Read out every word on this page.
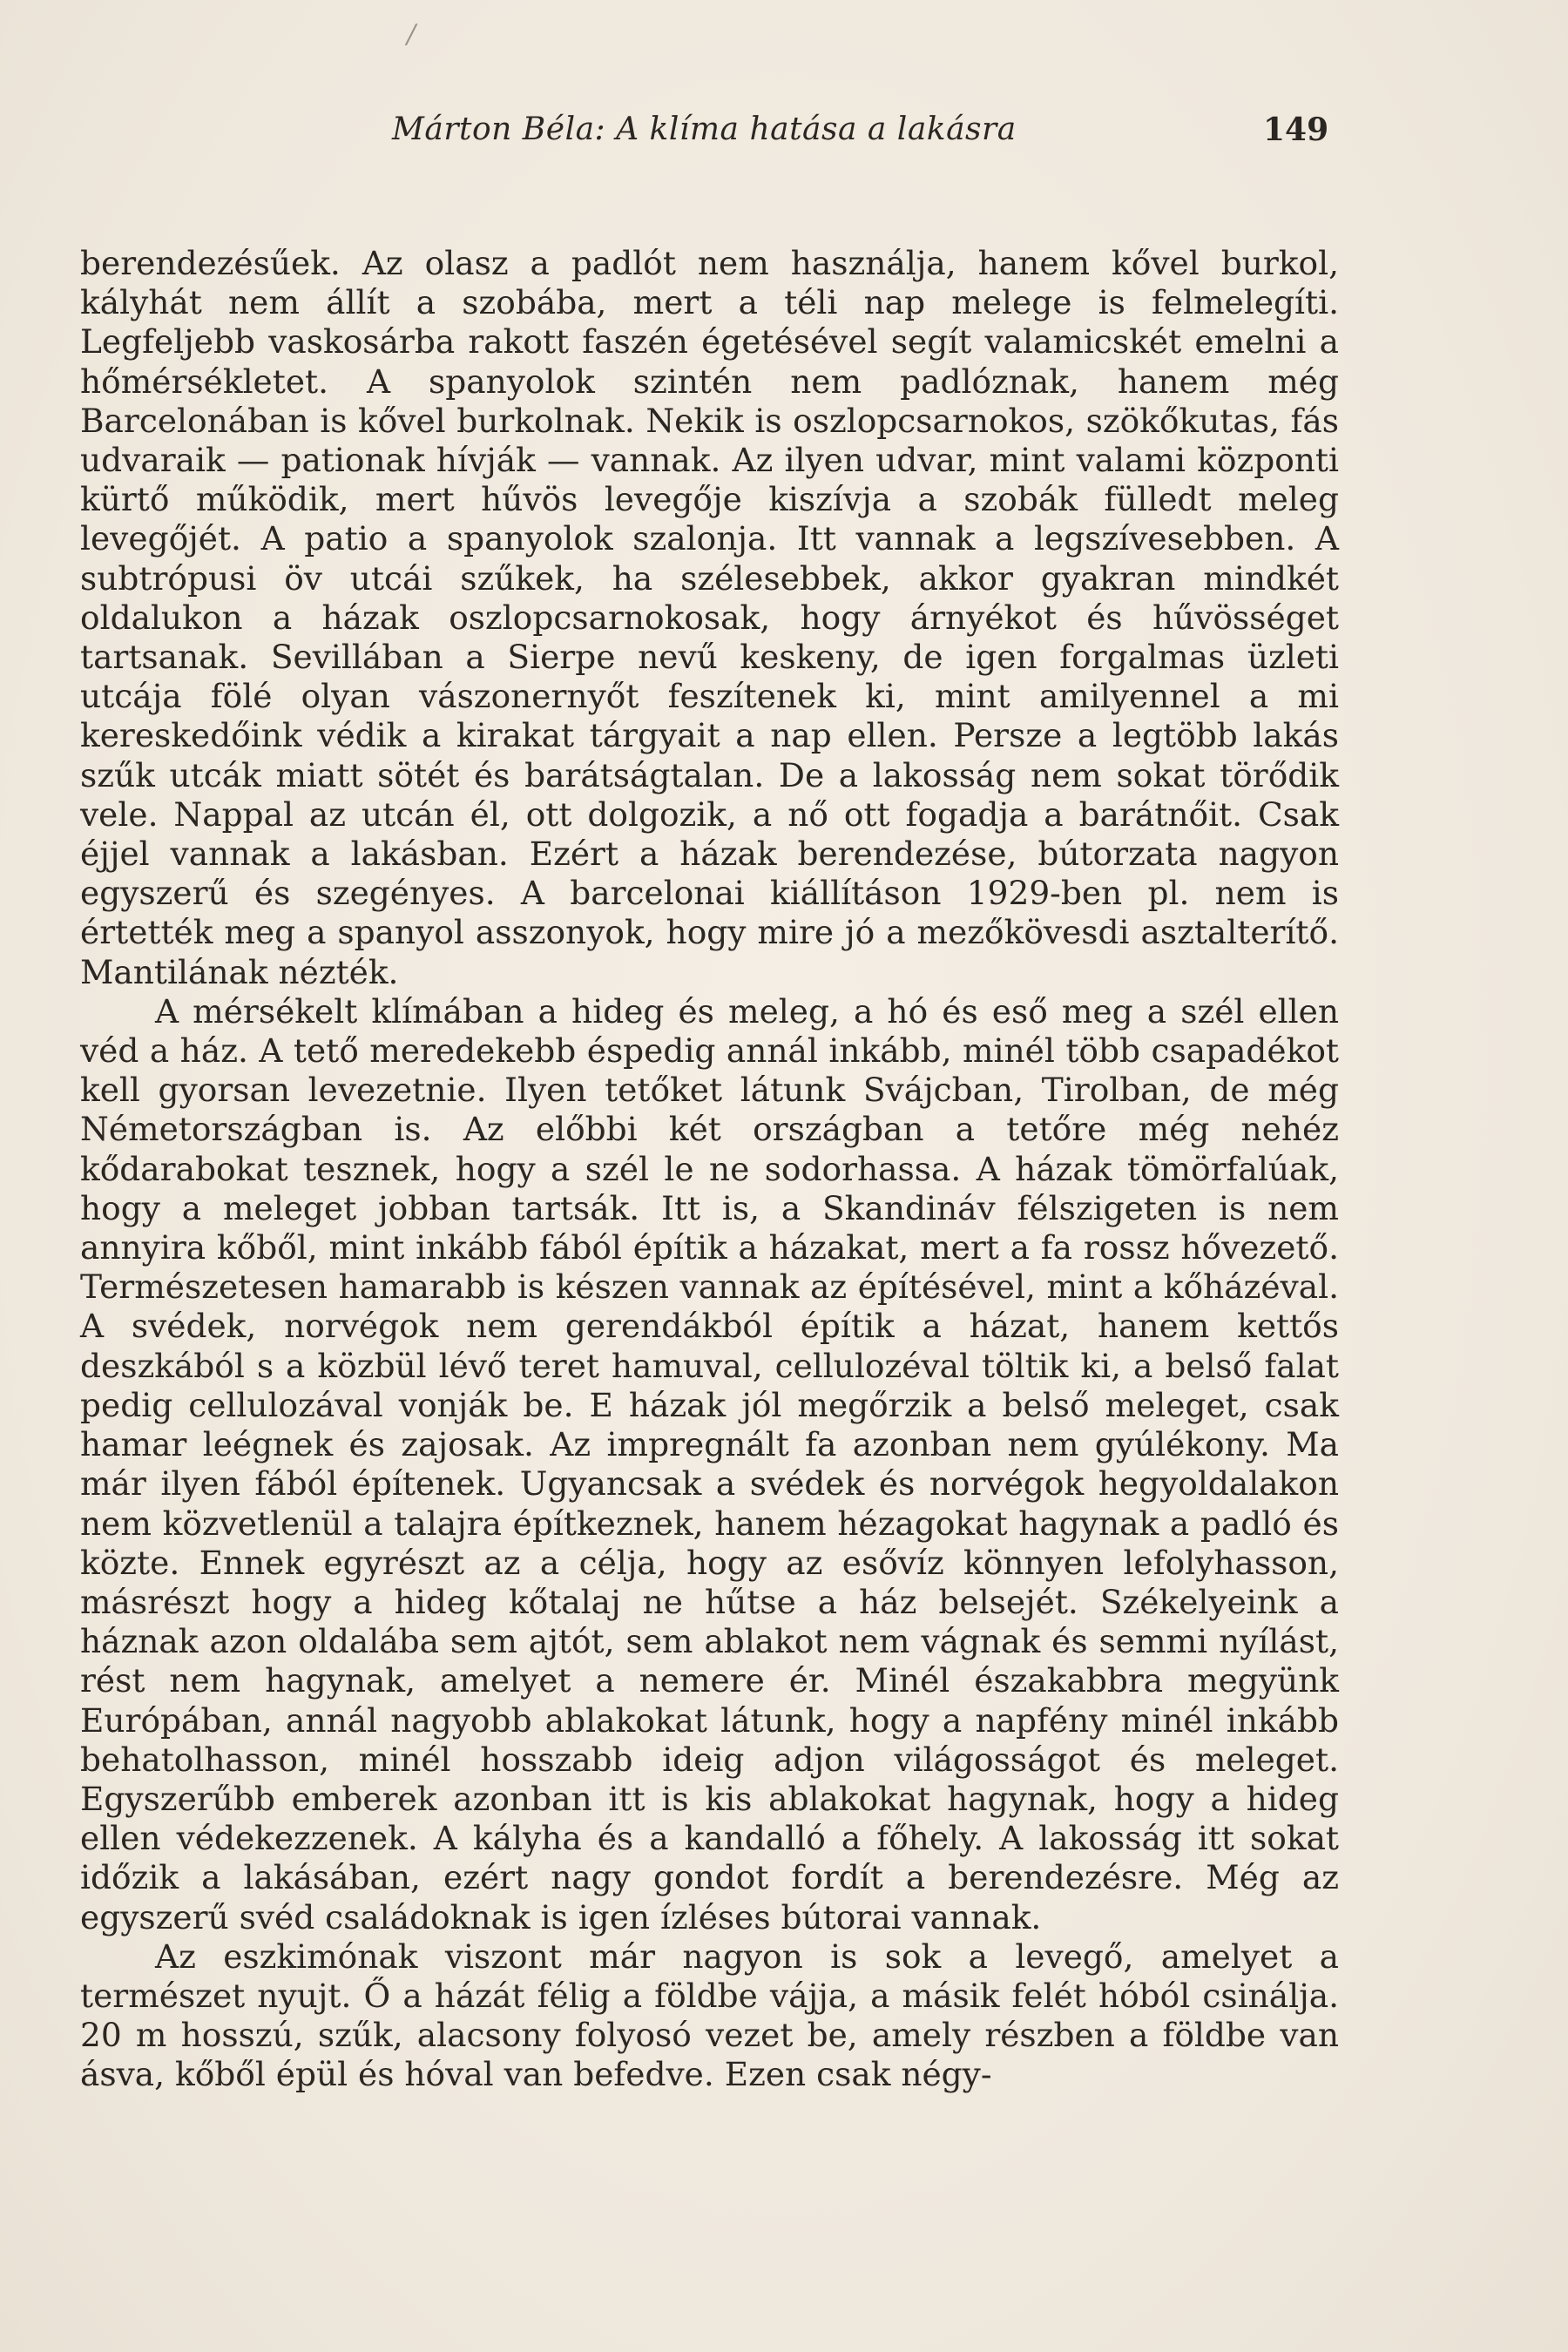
/
Márton Béla: A klíma hatása a lakásra	149

berendezésűek. Az olasz a padlót nem használja, hanem kővel burkol, kályhát nem állít a szobába, mert a téli nap melege is felmelegíti. Legfeljebb vaskosárba rakott faszén égetésével segít valamicskét emelni a hőmérsékletet. A spanyolok szintén nem padlóznak, hanem még Barcelonában is kővel burkolnak. Nekik is oszlopcsarnokos, szökőkutas, fás udvaraik — pationak hívják — vannak. Az ilyen udvar, mint valami központi kürtő működik, mert hűvös levegője kiszívja a szobák fülledt meleg levegőjét. A patio a spanyolok szalonja. Itt vannak a legszívesebben. A subtrópusi öv utcái szűkek, ha szélesebbek, akkor gyakran mindkét oldalukon a házak oszlopcsarnokosak, hogy árnyékot és hűvösséget tartsanak. Sevillában a Sierpe nevű keskeny, de igen forgalmas üzleti utcája fölé olyan vászonernyőt feszítenek ki, mint amilyennel a mi kereskedőink védik a kirakat tárgyait a nap ellen. Persze a legtöbb lakás szűk utcák miatt sötét és barátságtalan. De a lakosság nem sokat törődik vele. Nappal az utcán él, ott dolgozik, a nő ott fogadja a barátnőit. Csak éjjel vannak a lakásban. Ezért a házak berendezése, bútorzata nagyon egyszerű és szegényes. A barcelonai kiállításon 1929-ben pl. nem is értették meg a spanyol asszonyok, hogy mire jó a mezőkövesdi asztalterítő. Mantilának nézték.

A mérsékelt klímában a hideg és meleg, a hó és eső meg a szél ellen véd a ház. A tető meredekebb éspedig annál inkább, minél több csapadékot kell gyorsan levezetnie. Ilyen tetőket látunk Svájcban, Tirolban, de még Németországban is. Az előbbi két országban a tetőre még nehéz kődarabokat tesznek, hogy a szél le ne sodorhassa. A házak tömörfalúak, hogy a meleget jobban tartsák. Itt is, a Skandináv félszigeten is nem annyira kőből, mint inkább fából építik a házakat, mert a fa rossz hővezető. Természetesen hamarabb is készen vannak az építésével, mint a kőházéval. A svédek, norvégok nem gerendákból építik a házat, hanem kettős deszkából s a közbül lévő teret hamuval, cellulozéval töltik ki, a belső falat pedig cellulozával vonják be. E házak jól megőrzik a belső meleget, csak hamar leégnek és zajosak. Az impregnált fa azonban nem gyúlékony. Ma már ilyen fából építenek. Ugyancsak a svédek és norvégok hegyoldalakon nem közvetlenül a talajra építkeznek, hanem hézagokat hagynak a padló és közte. Ennek egyrészt az a célja, hogy az esővíz könnyen lefolyhasson, másrészt hogy a hideg kőtalaj ne hűtse a ház belsejét. Székelyeink a háznak azon oldalába sem ajtót, sem ablakot nem vágnak és semmi nyílást, rést nem hagynak, amelyet a nemere ér. Minél északabbra megyünk Európában, annál nagyobb ablakokat látunk, hogy a napfény minél inkább behatolhasson, minél hosszabb ideig adjon világosságot és meleget. Egyszerűbb emberek azonban itt is kis ablakokat hagynak, hogy a hideg ellen védekezzenek. A kályha és a kandalló a főhely. A lakosság itt sokat időzik a lakásában, ezért nagy gondot fordít a berendezésre. Még az egyszerű svéd családoknak is igen ízléses bútorai vannak.

Az eszkimónak viszont már nagyon is sok a levegő, amelyet a természet nyujt. Ő a házát félig a földbe vájja, a másik felét hóból csinálja. 20 m hosszú, szűk, alacsony folyosó vezet be, amely részben a földbe van ásva, kőből épül és hóval van befedve. Ezen csak négy-
